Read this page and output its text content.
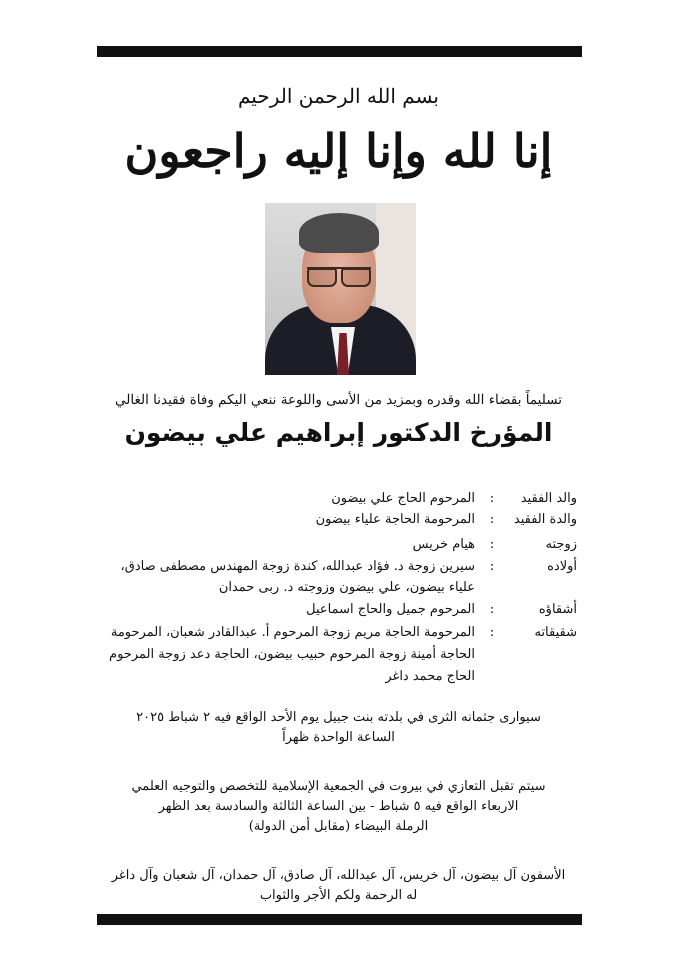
بسم الله الرحمن الرحيم
إنا لله وإنا إليه راجعون
تسليماً بقضاء الله وقدره وبمزيد من الأسى واللوعة ننعي اليكم وفاة فقيدنا الغالي
المؤرخ الدكتور إبراهيم علي بيضون
والد الفقيد
:
المرحوم الحاج علي بيضون
والدة الفقيد
:
المرحومة الحاجة علياء بيضون
زوجته
:
هيام خريس
أولاده
:
سيرين زوجة د. فؤاد عبدالله، كندة زوجة المهندس مصطفى صادق،
علياء بيضون، علي بيضون وزوجته د. ربى حمدان
أشقاؤه
:
المرحوم جميل والحاج اسماعيل
شقيقاته
:
المرحومة الحاجة مريم زوجة المرحوم أ. عبدالقادر شعبان، المرحومة
الحاجة أمينة زوجة المرحوم حبيب بيضون، الحاجة دعد زوجة المرحوم
الحاج محمد داغر
سيوارى جثمانه الثرى في بلدته بنت جبيل يوم الأحد الواقع فيه ٢ شباط ٢٠٢٥
الساعة الواحدة ظهراً
سيتم تقبل التعازي في بيروت في الجمعية الإسلامية للتخصص والتوجيه العلمي
الاربعاء الواقع فيه ٥ شباط - بين الساعة الثالثة والسادسة بعد الظهر
الرملة البيضاء (مقابل أمن الدولة)
الأسفون آل بيضون، آل خريس، آل عبدالله، آل صادق، آل حمدان، آل شعبان وآل داغر
له الرحمة ولكم الأجر والثواب
